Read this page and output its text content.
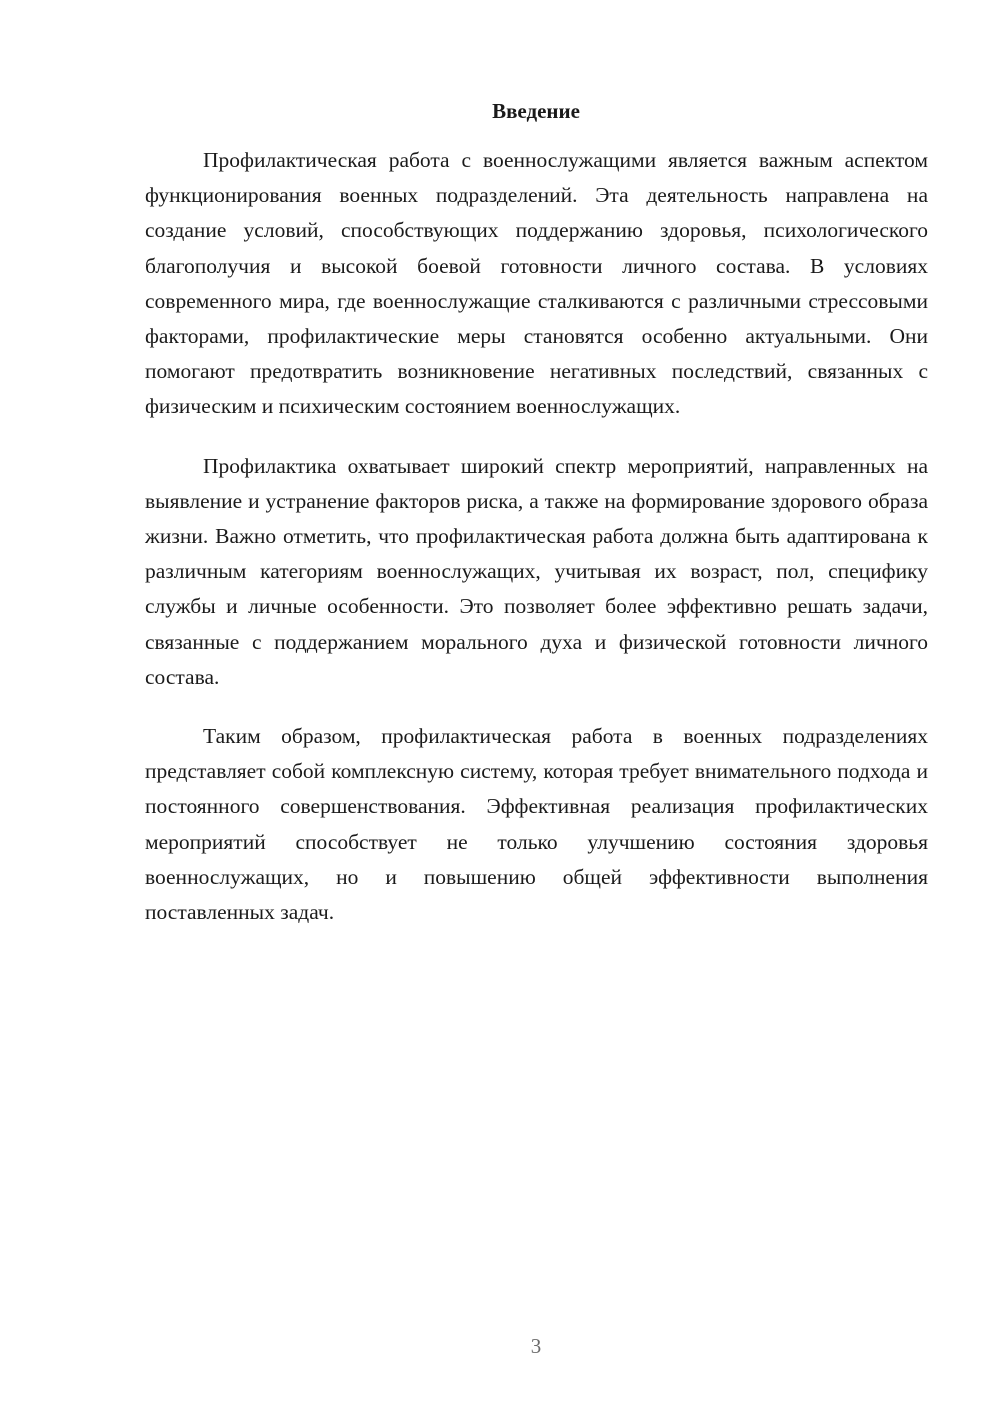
Введение

Профилактическая работа с военнослужащими является важным аспектом функционирования военных подразделений. Эта деятельность направлена на создание условий, способствующих поддержанию здоровья, психологического благополучия и высокой боевой готовности личного состава. В условиях современного мира, где военнослужащие сталкиваются с различными стрессовыми факторами, профилактические меры становятся особенно актуальными. Они помогают предотвратить возникновение негативных последствий, связанных с физическим и психическим состоянием военнослужащих.

Профилактика охватывает широкий спектр мероприятий, направленных на выявление и устранение факторов риска, а также на формирование здорового образа жизни. Важно отметить, что профилактическая работа должна быть адаптирована к различным категориям военнослужащих, учитывая их возраст, пол, специфику службы и личные особенности. Это позволяет более эффективно решать задачи, связанные с поддержанием морального духа и физической готовности личного состава.

Таким образом, профилактическая работа в военных подразделениях представляет собой комплексную систему, которая требует внимательного подхода и постоянного совершенствования. Эффективная реализация профилактических мероприятий способствует не только улучшению состояния здоровья военнослужащих, но и повышению общей эффективности выполнения поставленных задач.

3
